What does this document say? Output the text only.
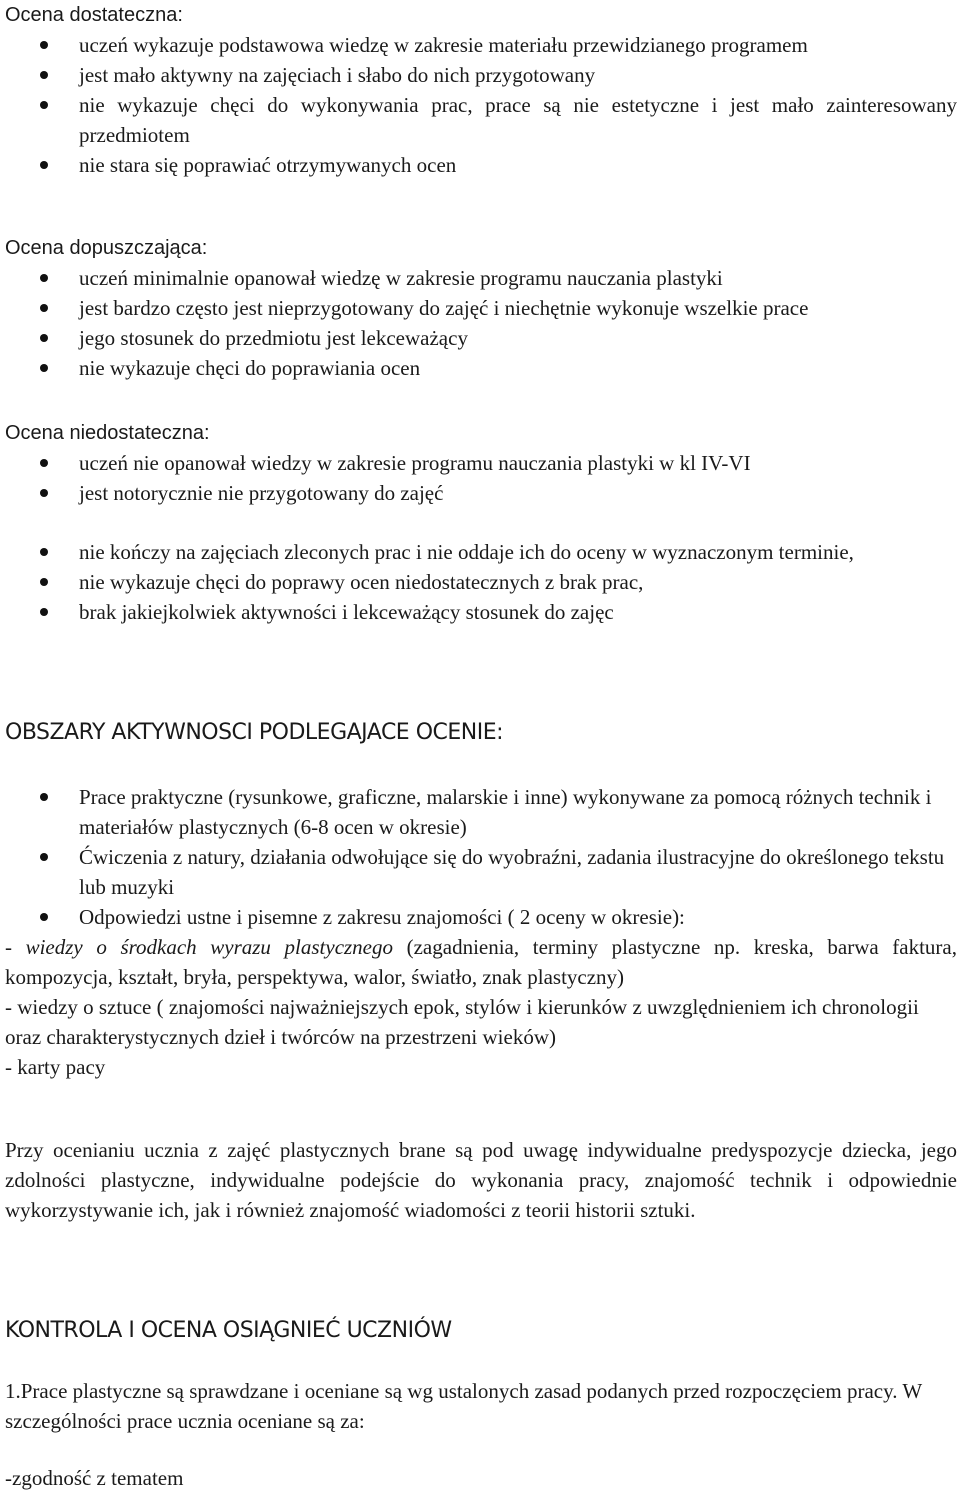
Ocena dostateczna:

uczeń wykazuje podstawowa wiedzę w zakresie materiału przewidzianego programem
jest mało aktywny na zajęciach i słabo do nich przygotowany
nie wykazuje chęci do wykonywania prac, prace są nie estetyczne i jest mało zainteresowany przedmiotem
nie stara się poprawiać otrzymywanych ocen

Ocena dopuszczająca:

uczeń minimalnie opanował wiedzę w zakresie programu nauczania plastyki
jest bardzo często jest nieprzygotowany do zajęć i niechętnie wykonuje wszelkie prace
jego stosunek do przedmiotu jest lekceważący
nie wykazuje chęci do poprawiania ocen

Ocena niedostateczna:

uczeń nie opanował wiedzy w zakresie programu nauczania plastyki w kl IV-VI
jest notorycznie nie przygotowany do zajęć
nie kończy na zajęciach zleconych prac i nie oddaje ich do oceny w wyznaczonym terminie,
nie wykazuje chęci do poprawy ocen niedostatecznych z brak prac,
brak jakiejkolwiek aktywności i lekceważący stosunek do zajęc
OBSZARY AKTYWNOSCI PODLEGAJACE OCENIE:
Prace praktyczne (rysunkowe, graficzne, malarskie i inne) wykonywane za pomocą różnych technik i materiałów plastycznych (6-8 ocen w okresie)
Ćwiczenia z natury, działania odwołujące się do wyobraźni, zadania ilustracyjne do określonego tekstu lub muzyki
Odpowiedzi ustne i pisemne z zakresu znajomości ( 2 oceny w okresie):

- wiedzy o środkach wyrazu plastycznego (zagadnienia, terminy plastyczne np. kreska, barwa faktura, kompozycja, kształt, bryła, perspektywa, walor, światło, znak plastyczny)

- wiedzy o sztuce ( znajomości najważniejszych epok, stylów i kierunków z uwzględnieniem ich chronologii oraz charakterystycznych dzieł i twórców na przestrzeni wieków)

- karty pacy

Przy ocenianiu ucznia z zajęć plastycznych brane są pod uwagę indywidualne predyspozycje dziecka, jego zdolności plastyczne, indywidualne podejście do wykonania pracy, znajomość technik i odpowiednie wykorzystywanie ich, jak i również znajomość wiadomości z teorii historii sztuki.

KONTROLA I OCENA OSIĄGNIEĆ UCZNIÓW

1.Prace plastyczne są sprawdzane i oceniane są wg ustalonych zasad podanych przed rozpoczęciem pracy. W szczególności prace ucznia oceniane są za:

-zgodność z tematem
